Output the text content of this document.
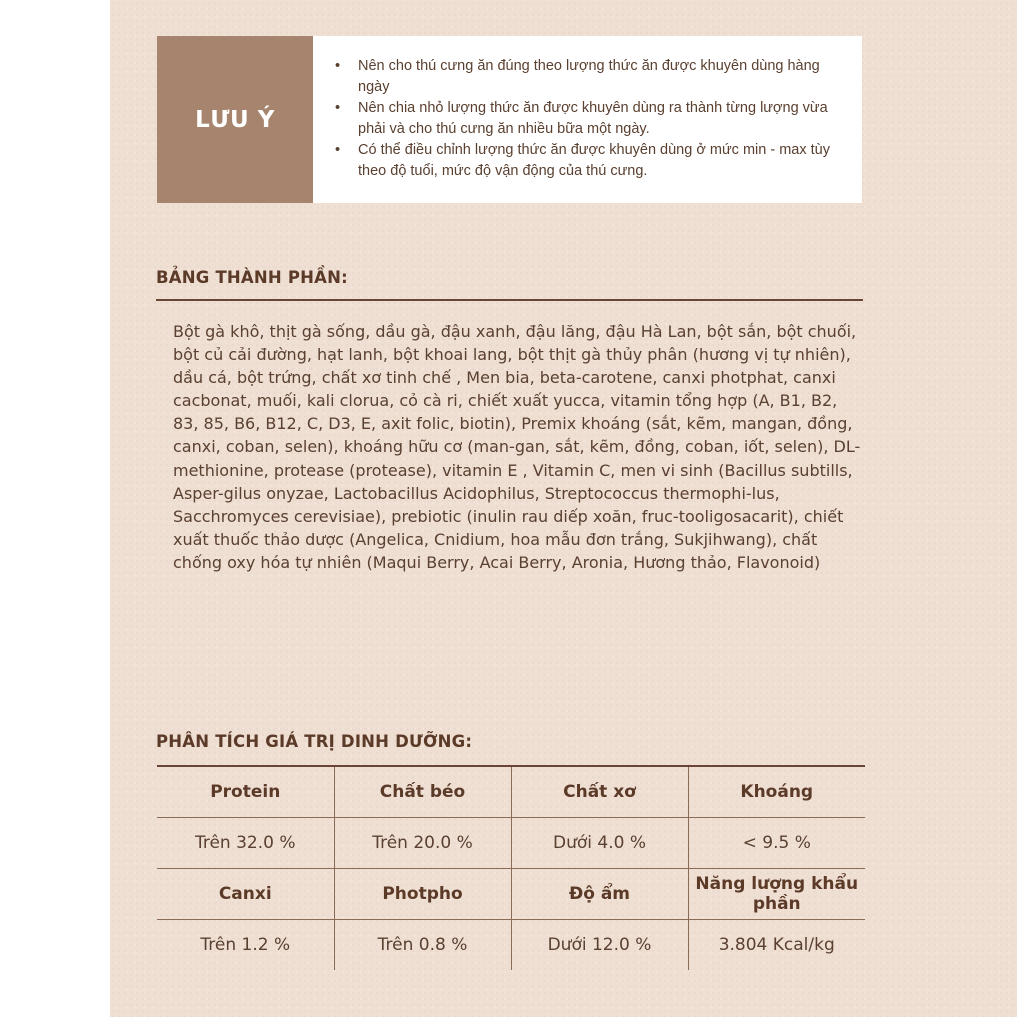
LƯU Ý
• Nên cho thú cưng ăn đúng theo lượng thức ăn được khuyên dùng hàng ngày
• Nên chia nhỏ lượng thức ăn được khuyên dùng ra thành từng lượng vừa phải và cho thú cưng ăn nhiều bữa một ngày.
• Có thể điều chỉnh lượng thức ăn được khuyên dùng ở mức min - max tùy theo độ tuổi, mức độ vận động của thú cưng.
BẢNG THÀNH PHẦN:
Bột gà khô, thịt gà sống, dầu gà, đậu xanh, đậu lăng, đậu Hà Lan, bột sắn, bột chuối, bột củ cải đường, hạt lanh, bột khoai lang, bột thịt gà thủy phân (hương vị tự nhiên), dầu cá, bột trứng, chất xơ tinh chế , Men bia, beta-carotene, canxi photphat, canxi cacbonat, muối, kali clorua, cỏ cà ri, chiết xuất yucca, vitamin tổng hợp (A, B1, B2, 83, 85, B6, B12, C, D3, E, axit folic, biotin), Premix khoáng (sắt, kẽm, mangan, đồng, canxi, coban, selen), khoáng hữu cơ (man-gan, sắt, kẽm, đồng, coban, iốt, selen), DL-methionine, protease (protease), vitamin E , Vitamin C, men vi sinh (Bacillus subtills, Asper-gilus onyzae, Lactobacillus Acidophilus, Streptococcus thermophi-lus, Sacchromyces cerevisiae), prebiotic (inulin rau diếp xoăn, fruc-tooligosacarit), chiết xuất thuốc thảo dược (Angelica, Cnidium, hoa mẫu đơn trắng, Sukjihwang), chất chống oxy hóa tự nhiên (Maqui Berry, Acai Berry, Aronia, Hương thảo, Flavonoid)
PHÂN TÍCH GIÁ TRỊ DINH DƯỠNG:
Protein	Chất béo	Chất xơ	Khoáng
Trên 32.0 %	Trên 20.0 %	Dưới 4.0 %	< 9.5 %
Canxi	Photpho	Độ ẩm	Năng lượng khẩu phần
Trên 1.2 %	Trên 0.8 %	Dưới 12.0 %	3.804 Kcal/kg
